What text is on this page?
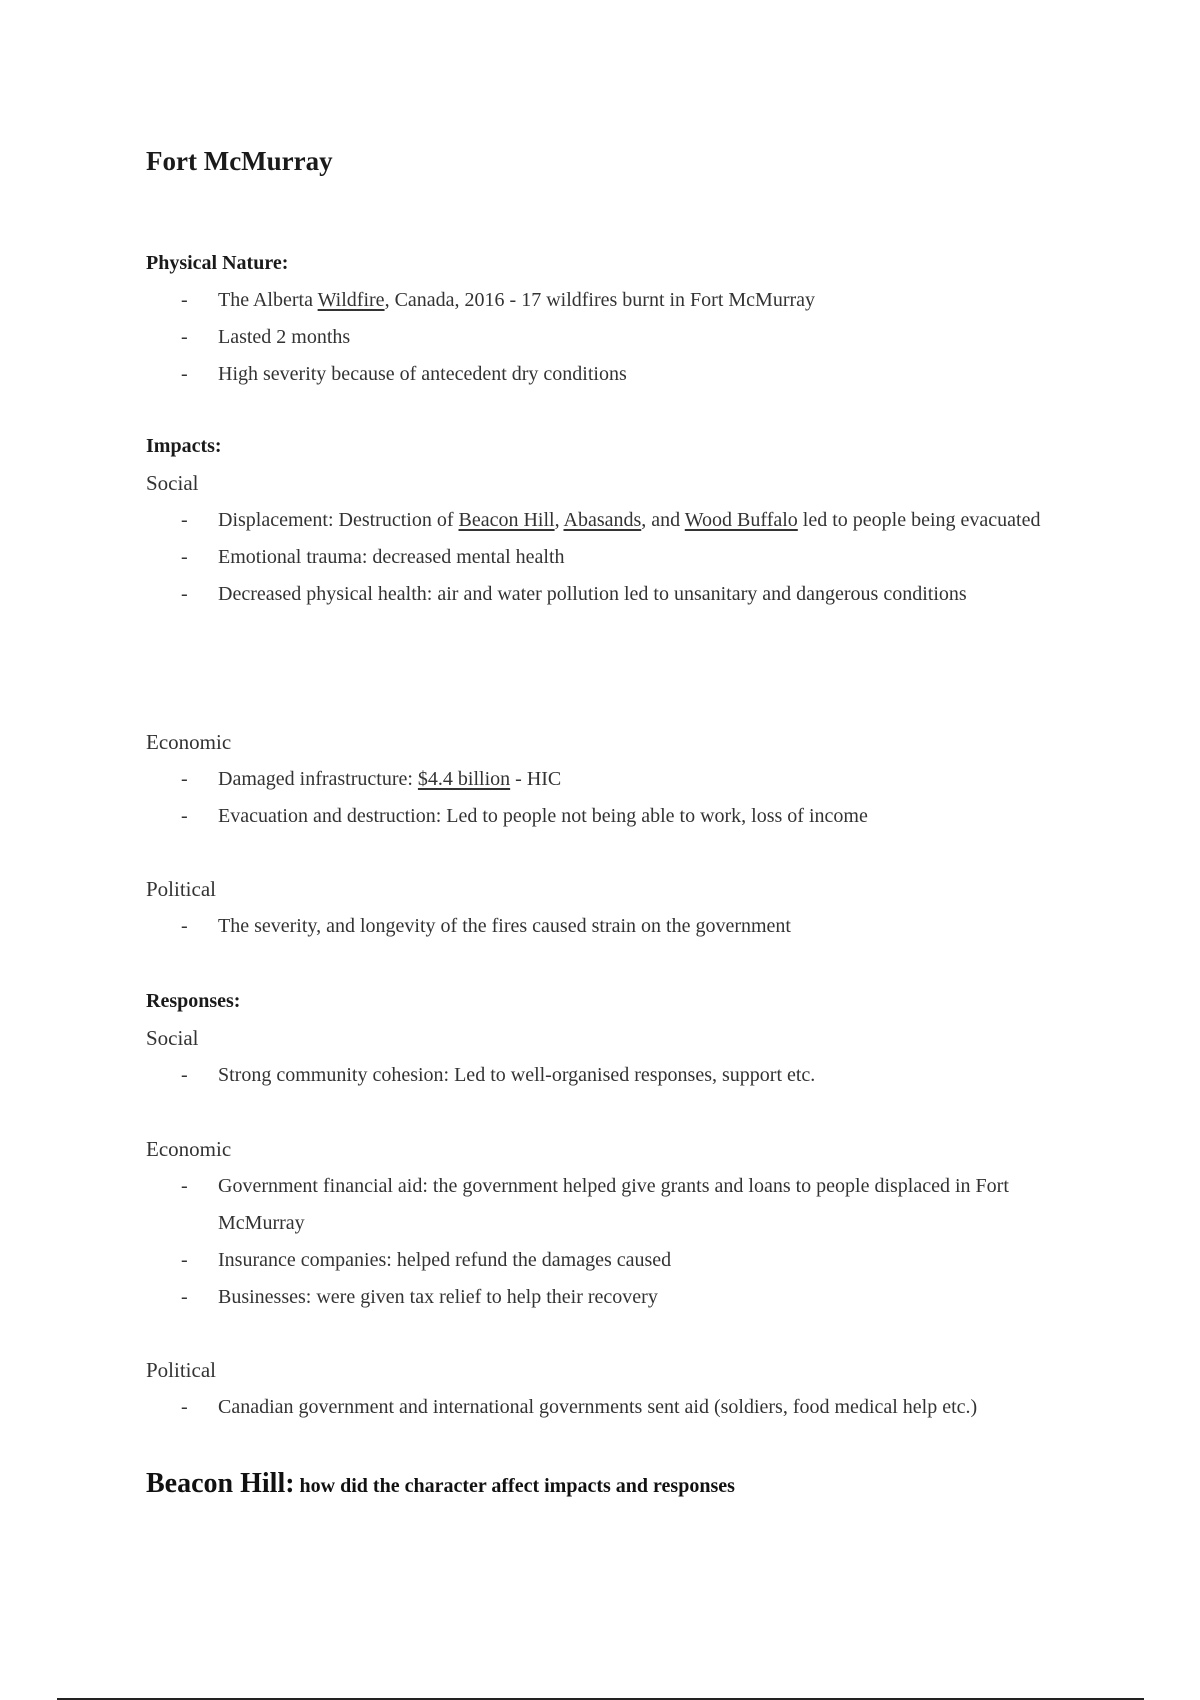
Fort McMurray

Physical Nature:

- The Alberta Wildfire, Canada, 2016 - 17 wildfires burnt in Fort McMurray
- Lasted 2 months
- High severity because of antecedent dry conditions

Impacts:

Social

- Displacement: Destruction of Beacon Hill, Abasands, and Wood Buffalo led to people being evacuated
- Emotional trauma: decreased mental health
- Decreased physical health: air and water pollution led to unsanitary and dangerous conditions

Economic

- Damaged infrastructure: $4.4 billion - HIC
- Evacuation and destruction: Led to people not being able to work, loss of income

Political

- The severity, and longevity of the fires caused strain on the government

Responses:

Social

- Strong community cohesion: Led to well-organised responses, support etc.

Economic

- Government financial aid: the government helped give grants and loans to people displaced in Fort McMurray
- Insurance companies: helped refund the damages caused
- Businesses: were given tax relief to help their recovery

Political

- Canadian government and international governments sent aid (soldiers, food medical help etc.)

Beacon Hill: how did the character affect impacts and responses
